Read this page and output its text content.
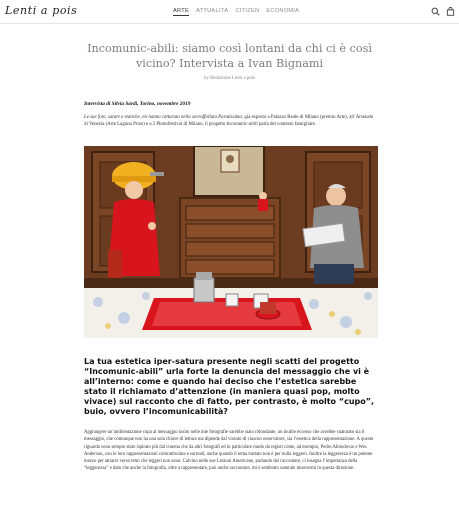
Lenti a pois	ARTE ATTUALITÀ CITIZEN ECONOMIA
Incomunic-abili: siamo così lontani da chi ci è così vicino? Intervista a Ivan Bignami
by Redazione Lenti a pois
Intervista di Silvia Sardi, Torino, novembre 2019

Le sue foto, sature e statiche, mi hanno catturato nella sovraffollata Paratissima: già esposto a Palazzo Reale di Milano (premio Arte), all’Arsenale di Venezia (Arte Laguna Prize) e a 2 Photofestival di Milano, il progetto Incomunic-abili parla del contesto famigliare.

La tua estetica iper-satura presente negli scatti del progetto “Incomunic-abili” urla forte la denuncia del messaggio che vi è all’interno: come e quando hai deciso che l’estetica sarebbe stato il richiamato d’attenzione (in maniera quasi pop, molto vivace) sul racconto che di fatto, per contrasto, è molto “cupo”, buio, ovvero l’incomunicabilità?

Aggiungere un’ambientazione cupa al messaggio insito nelle mie fotografie sarebbe stato ridondante, un inutile eccesso che avrebbe snaturato sia il messaggio, che comunque non ha una sola chiave di lettura ma dipende dal vissuto di ciascun osservatore, sia l’estetica della rappresentazione. A questo riguardo sono sempre stato ispirato più dal cinema che da altri fotografi ed in particolare modo da registi come, ad esempio, Pedro Almodovar e Wes Anderson, con le loro rappresentazioni colorattissime e surreali, anche quando il tema trattato non è per nulla leggero. Inoltre la leggerezza è un potente mezzo per attrarre verso temi che leggeri non sono. Calvino nelle sue Lezioni Americane, parlando del raccontare, ci insegna l’importanza della “leggerezza” e dato che anche la fotografia, oltre a rappresentare, può anche raccontare, mi è sembrato naturale muovermi in questa direzione.
